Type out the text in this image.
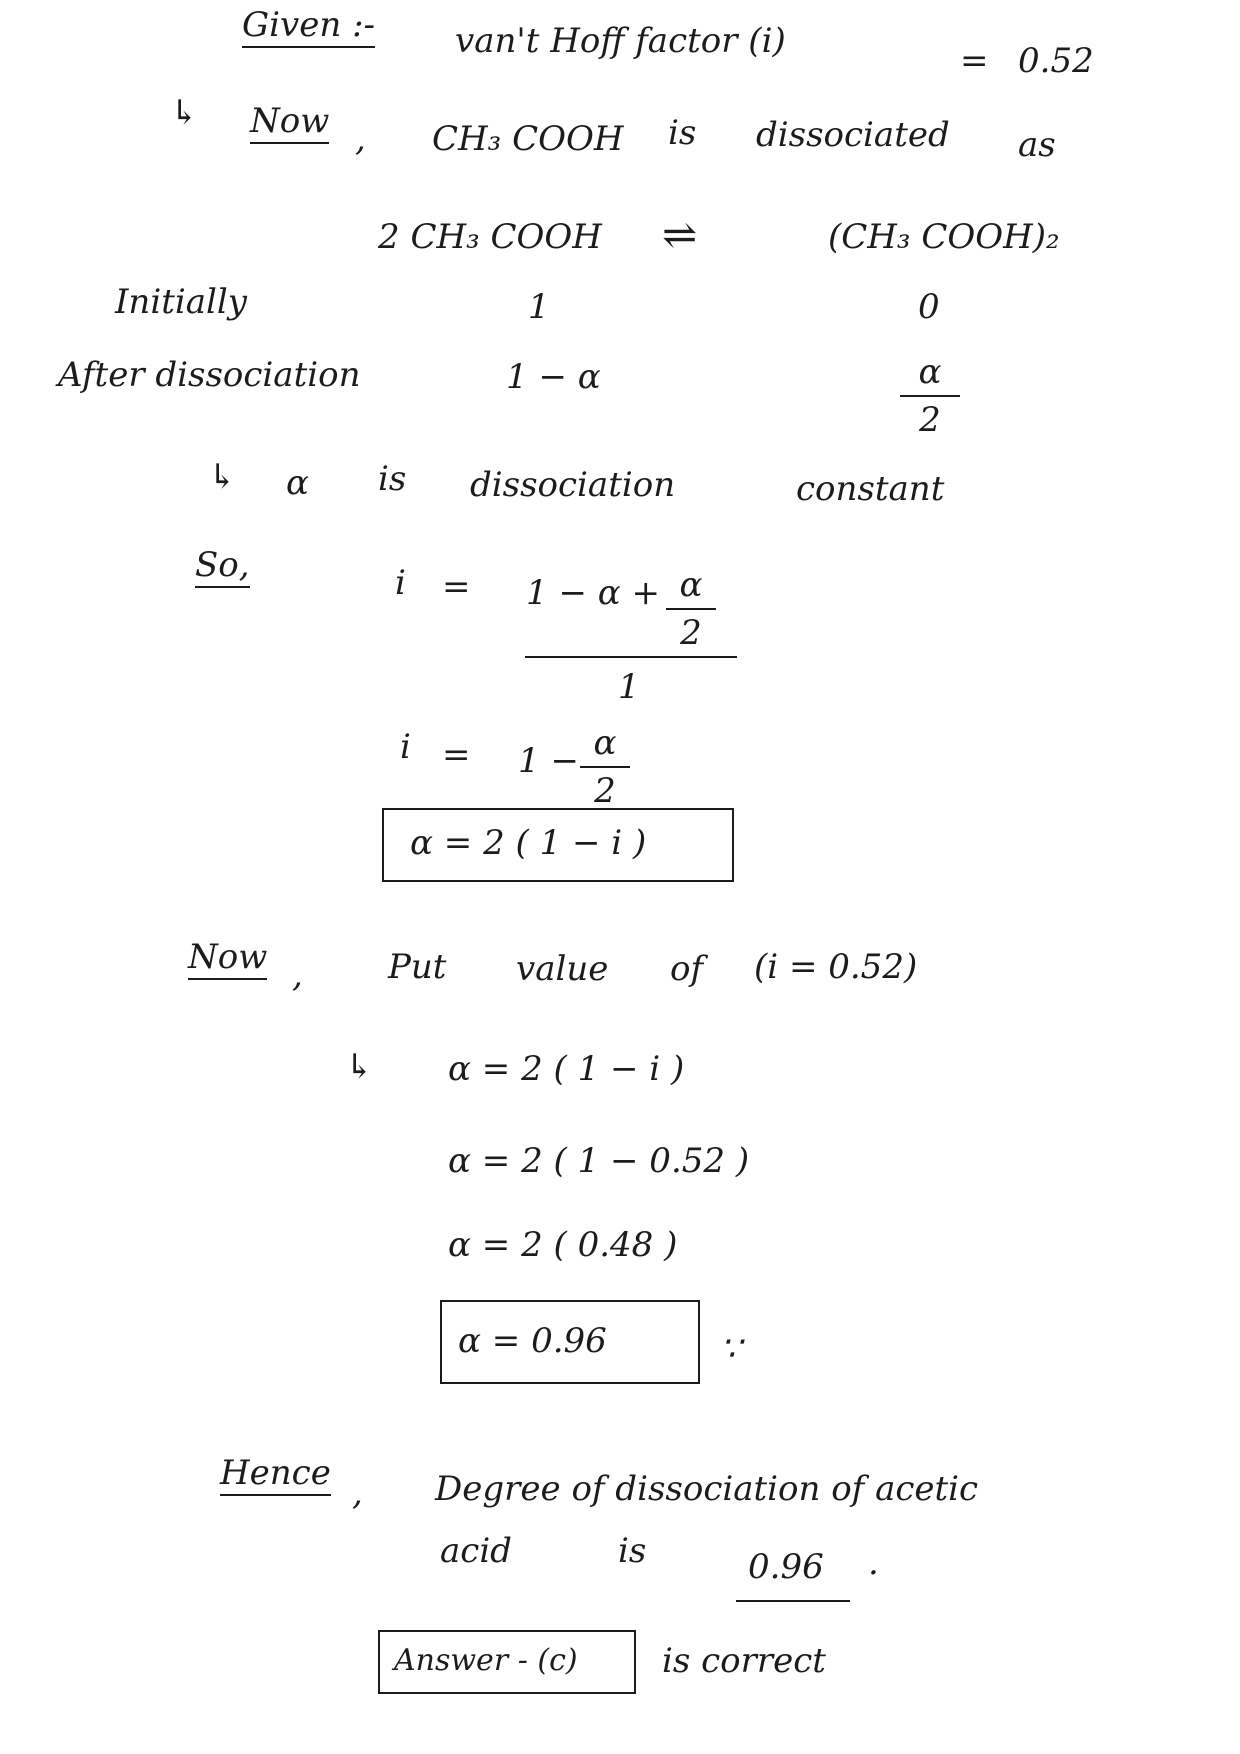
Given :- van't Hoff factor (i)	= 0.52
↳ Now , CH₃ COOH is dissociated as
2 CH₃ COOH ⇌	(CH₃ COOH)₂
Initially	1	0
After dissociation	1 − α	α
2
↳ α is dissociation	constant
So,	i = 1 − α + α
2
1
i = 1 − α
2
α = 2 ( 1 − i )
Now ,	Put value of (i = 0.52)
↳ α = 2 ( 1 − i )
α = 2 ( 1 − 0.52 )
α = 2 ( 0.48 )
α = 0.96	∵
Hence , Degree of dissociation of acetic
acid	is	0.96 .
Answer - (c) is correct
